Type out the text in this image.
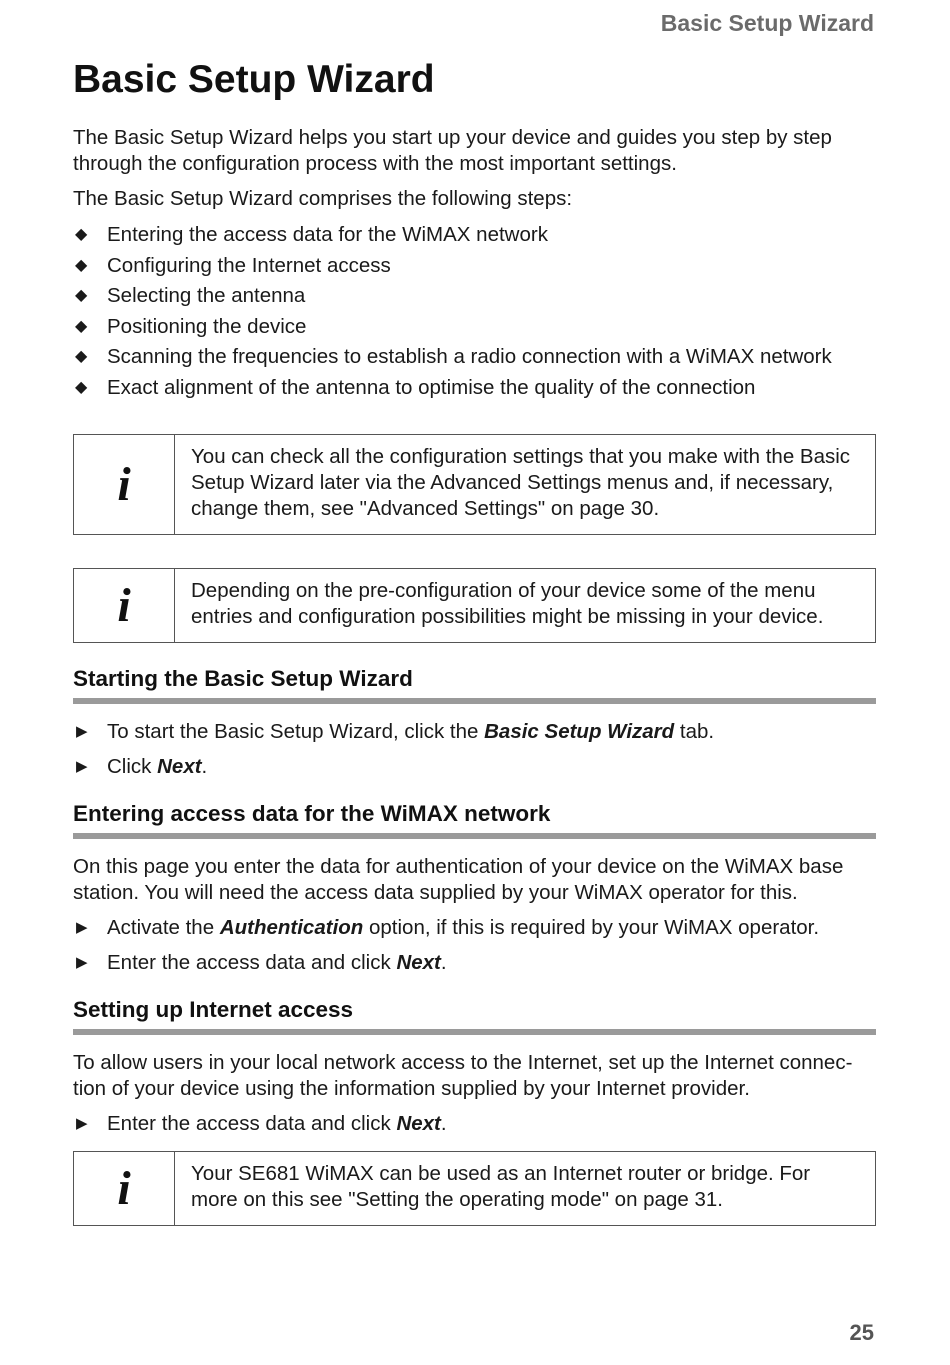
Basic Setup Wizard
Basic Setup Wizard

The Basic Setup Wizard helps you start up your device and guides you step by step through the configuration process with the most important settings.

The Basic Setup Wizard comprises the following steps:

◆ Entering the access data for the WiMAX network
◆ Configuring the Internet access
◆ Selecting the antenna
◆ Positioning the device
◆ Scanning the frequencies to establish a radio connection with a WiMAX network
◆ Exact alignment of the antenna to optimise the quality of the connection
i
You can check all the configuration settings that you make with the Basic Setup Wizard later via the Advanced Settings menus and, if necessary, change them, see "Advanced Settings" on page 30.
i	Depending on the pre-configuration of your device some of the menu entries and configuration possibilities might be missing in your device.
Starting the Basic Setup Wizard
▶ To start the Basic Setup Wizard, click the Basic Setup Wizard tab.
▶ Click Next.
Entering access data for the WiMAX network

On this page you enter the data for authentication of your device on the WiMAX base station. You will need the access data supplied by your WiMAX operator for this.

▶ Activate the Authentication option, if this is required by your WiMAX operator.
▶ Enter the access data and click Next.
Setting up Internet access

To allow users in your local network access to the Internet, set up the Internet connec-tion of your device using the information supplied by your Internet provider.

▶ Enter the access data and click Next.
i	Your SE681 WiMAX can be used as an Internet router or bridge. For more on this see "Setting the operating mode" on page 31.
25
